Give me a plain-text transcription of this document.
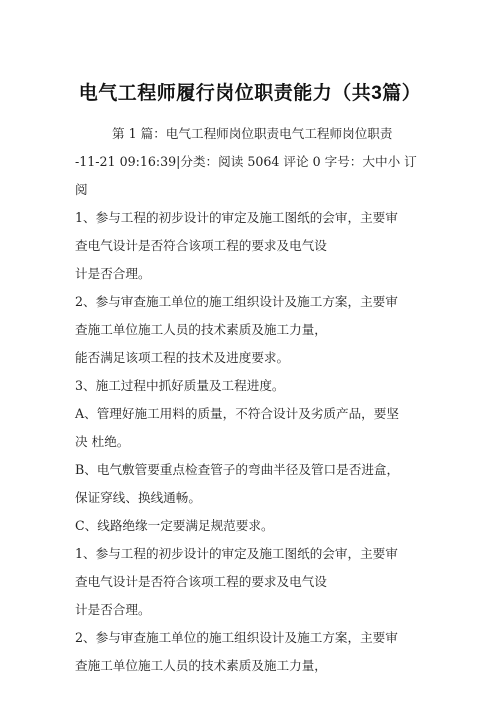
电气工程师履行岗位职责能力（共3篇）
第 1 篇：电气工程师岗位职责电气工程师岗位职责
-11-21 09:16:39|分类：阅读 5064 评论 0 字号：大中小 订
阅
1、参与工程的初步设计的审定及施工图纸的会审，主要审
查电气设计是否符合该项工程的要求及电气设
计是否合理。
2、参与审查施工单位的施工组织设计及施工方案，主要审
查施工单位施工人员的技术素质及施工力量，
能否满足该项工程的技术及进度要求。
3、施工过程中抓好质量及工程进度。
A、管理好施工用料的质量，不符合设计及劣质产品，要坚
决 杜绝。
B、电气敷管要重点检查管子的弯曲半径及管口是否进盒，
保证穿线、换线通畅。
C、线路绝缘一定要满足规范要求。
1、参与工程的初步设计的审定及施工图纸的会审，主要审
查电气设计是否符合该项工程的要求及电气设
计是否合理。
2、参与审查施工单位的施工组织设计及施工方案，主要审
查施工单位施工人员的技术素质及施工力量，
